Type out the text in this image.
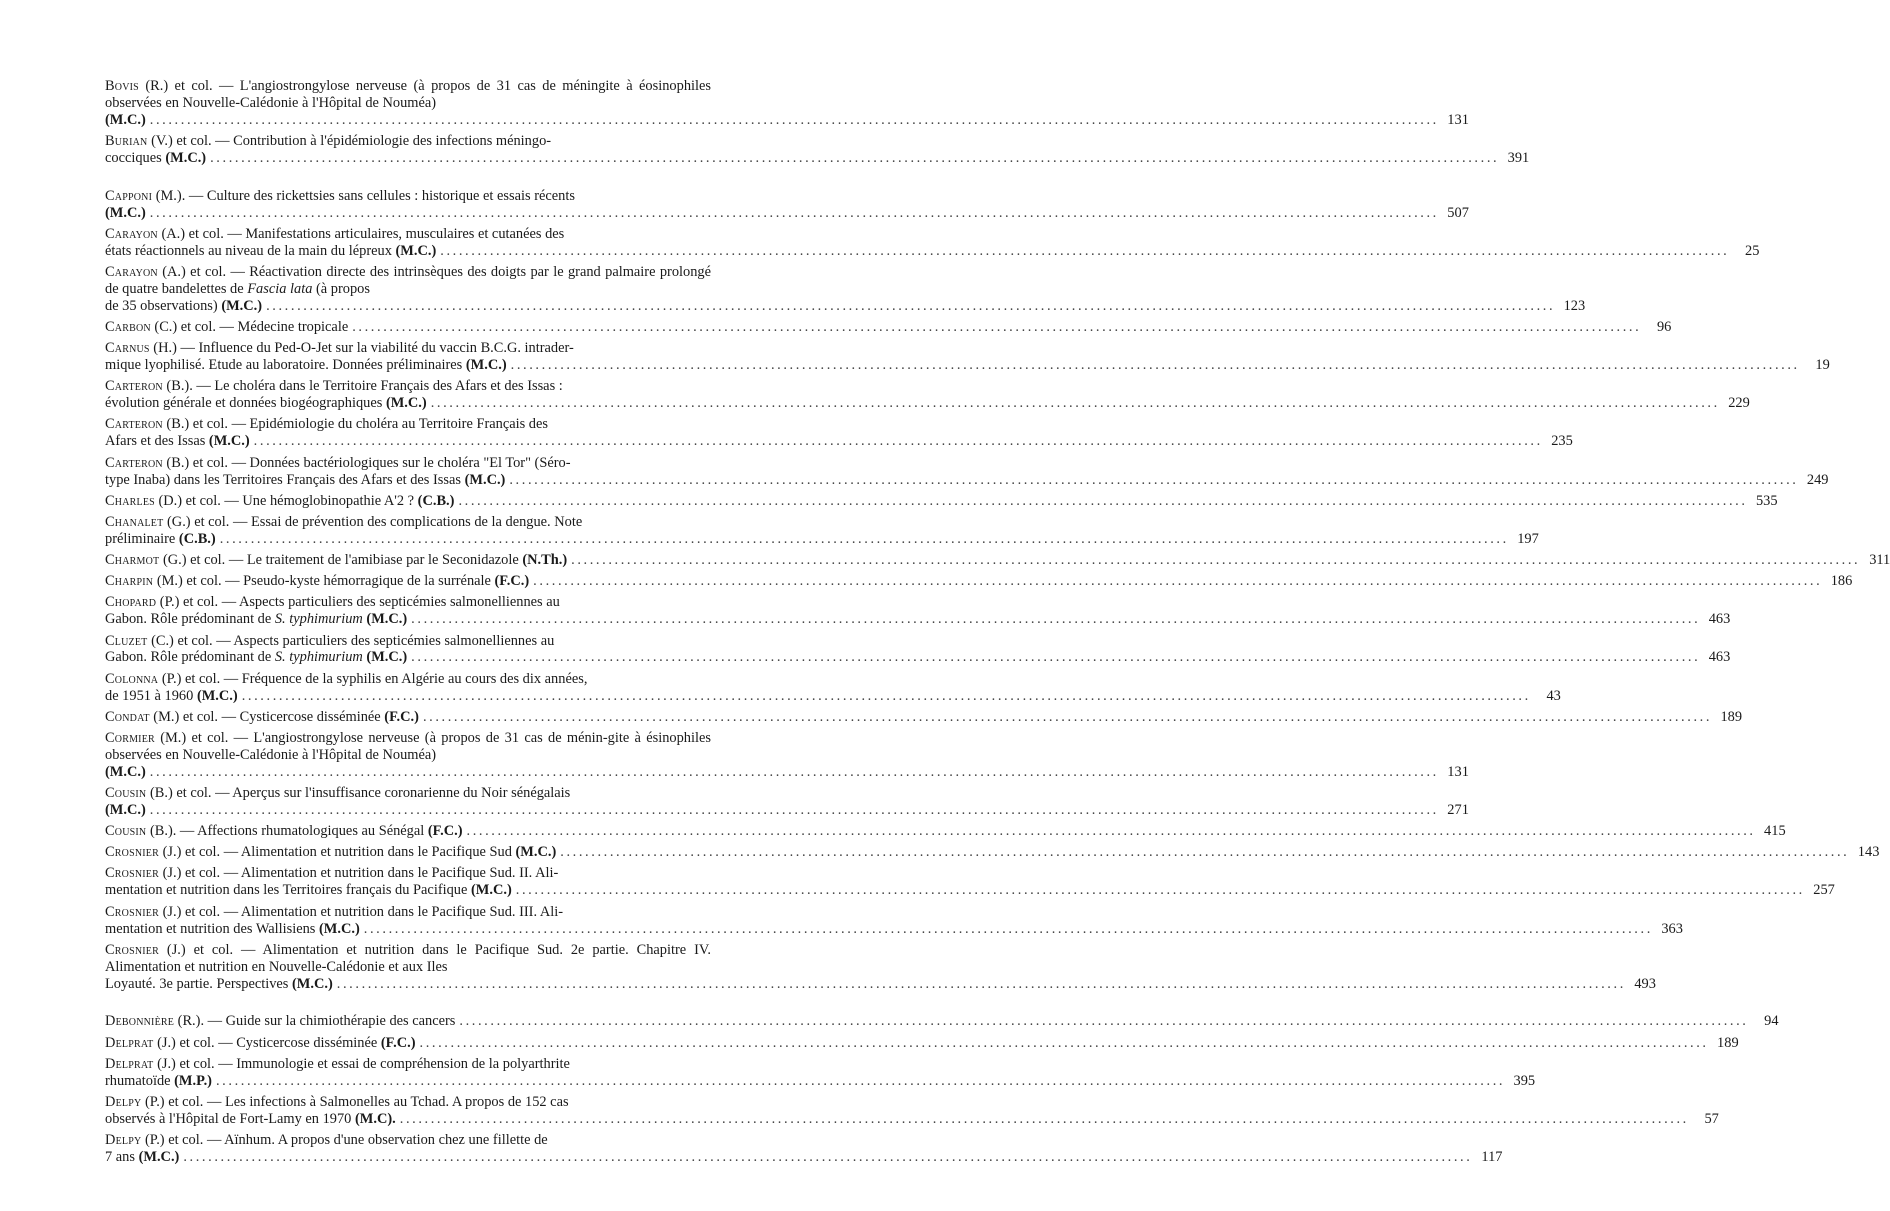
Bovis (R.) et col. — L'angiostrongylose nerveuse (à propos de 31 cas de méningite à éosinophiles observées en Nouvelle-Calédonie à l'Hôpital de Nouméa)

(M.C.) ................................................................................................................................................................................................................ 131

Burian (V.) et col. — Contribution à l'épidémiologie des infections méningo-

cocciques (M.C.) ................................................................................................................................................................................................................ 391

Capponi (M.). — Culture des rickettsies sans cellules : historique et essais récents

(M.C.) ................................................................................................................................................................................................................ 507

Carayon (A.) et col. — Manifestations articulaires, musculaires et cutanées des

états réactionnels au niveau de la main du lépreux (M.C.) ................................................................................................................................................................................................................	25

Carayon (A.) et col. — Réactivation directe des intrinsèques des doigts par le grand palmaire prolongé de quatre bandelettes de Fascia lata (à propos

de 35 observations) (M.C.) ................................................................................................................................................................................................................ 123
Carbon (C.) et col. — Médecine tropicale ................................................................................................................................................................................................................	96

Carnus (H.) — Influence du Ped-O-Jet sur la viabilité du vaccin B.C.G. intrader-

mique lyophilisé. Etude au laboratoire. Données préliminaires (M.C.) ................................................................................................................................................................................................................	19

Carteron (B.). — Le choléra dans le Territoire Français des Afars et des Issas :

évolution générale et données biogéographiques (M.C.) ................................................................................................................................................................................................................ 229

Carteron (B.) et col. — Epidémiologie du choléra au Territoire Français des

Afars et des Issas (M.C.) ................................................................................................................................................................................................................ 235

Carteron (B.) et col. — Données bactériologiques sur le choléra "El Tor" (Séro-

type Inaba) dans les Territoires Français des Afars et des Issas (M.C.) ................................................................................................................................................................................................................ 249
Charles (D.) et col. — Une hémoglobinopathie A'2 ? (C.B.) ................................................................................................................................................................................................................ 535

Chanalet (G.) et col. — Essai de prévention des complications de la dengue. Note

préliminaire (C.B.) ................................................................................................................................................................................................................ 197
Charmot (G.) et col. — Le traitement de l'amibiase par le Seconidazole (N.Th.) ................................................................................................................................................................................................................ 311
Charpin (M.) et col. — Pseudo-kyste hémorragique de la surrénale (F.C.) ................................................................................................................................................................................................................ 186

Chopard (P.) et col. — Aspects particuliers des septicémies salmonelliennes au

Gabon. Rôle prédominant de S. typhimurium (M.C.) ................................................................................................................................................................................................................ 463

Cluzet (C.) et col. — Aspects particuliers des septicémies salmonelliennes au

Gabon. Rôle prédominant de S. typhimurium (M.C.) ................................................................................................................................................................................................................ 463

Colonna (P.) et col. — Fréquence de la syphilis en Algérie au cours des dix années,

de 1951 à 1960 (M.C.) ................................................................................................................................................................................................................	43
Condat (M.) et col. — Cysticercose disséminée (F.C.) ................................................................................................................................................................................................................ 189

Cormier (M.) et col. — L'angiostrongylose nerveuse (à propos de 31 cas de ménin-gite à ésinophiles observées en Nouvelle-Calédonie à l'Hôpital de Nouméa)

(M.C.) ................................................................................................................................................................................................................ 131

Cousin (B.) et col. — Aperçus sur l'insuffisance coronarienne du Noir sénégalais

(M.C.) ................................................................................................................................................................................................................ 271
Cousin (B.). — Affections rhumatologiques au Sénégal (F.C.) ................................................................................................................................................................................................................ 415
Crosnier (J.) et col. — Alimentation et nutrition dans le Pacifique Sud (M.C.) ................................................................................................................................................................................................................ 143

Crosnier (J.) et col. — Alimentation et nutrition dans le Pacifique Sud. II. Ali-

mentation et nutrition dans les Territoires français du Pacifique (M.C.) ................................................................................................................................................................................................................ 257

Crosnier (J.) et col. — Alimentation et nutrition dans le Pacifique Sud. III. Ali-

mentation et nutrition des Wallisiens (M.C.) ................................................................................................................................................................................................................ 363

Crosnier (J.) et col. — Alimentation et nutrition dans le Pacifique Sud. 2e partie. Chapitre IV. Alimentation et nutrition en Nouvelle-Calédonie et aux Iles

Loyauté. 3e partie. Perspectives (M.C.) ................................................................................................................................................................................................................ 493
Debonnière (R.). — Guide sur la chimiothérapie des cancers ................................................................................................................................................................................................................	94
Delprat (J.) et col. — Cysticercose disséminée (F.C.) ................................................................................................................................................................................................................ 189

Delprat (J.) et col. — Immunologie et essai de compréhension de la polyarthrite

rhumatoïde (M.P.) ................................................................................................................................................................................................................ 395

Delpy (P.) et col. — Les infections à Salmonelles au Tchad. A propos de 152 cas

observés à l'Hôpital de Fort-Lamy en 1970 (M.C). ................................................................................................................................................................................................................	57

Delpy (P.) et col. — Aïnhum. A propos d'une observation chez une fillette de

7 ans (M.C.) ................................................................................................................................................................................................................ 117
